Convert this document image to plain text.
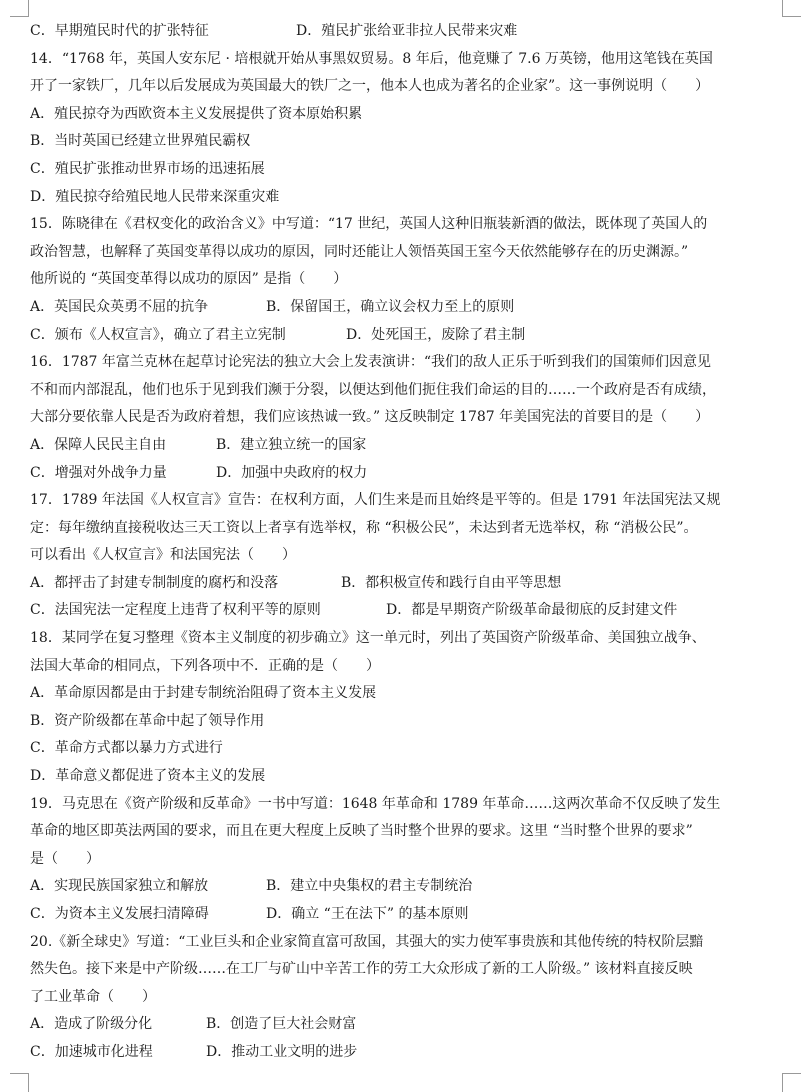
C．早期殖民时代的扩张特征	D．殖民扩张给亚非拉人民带来灾难
14．“1768 年，英国人安东尼 · 培根就开始从事黑奴贸易。8 年后，他竟赚了 7.6 万英镑，他用这笔钱在英国
开了一家铁厂，几年以后发展成为英国最大的铁厂之一，他本人也成为著名的企业家”。这一事例说明（　　）
A．殖民掠夺为西欧资本主义发展提供了资本原始积累
B．当时英国已经建立世界殖民霸权
C．殖民扩张推动世界市场的迅速拓展
D．殖民掠夺给殖民地人民带来深重灾难
15．陈晓律在《君权变化的政治含义》中写道：“17 世纪，英国人这种旧瓶装新酒的做法，既体现了英国人的
政治智慧，也解释了英国变革得以成功的原因，同时还能让人领悟英国王室今天依然能够存在的历史渊源。”
他所说的 “英国变革得以成功的原因” 是指（　　）
A．英国民众英勇不屈的抗争	B．保留国王，确立议会权力至上的原则
C．颁布《人权宣言》，确立了君主立宪制	D．处死国王，废除了君主制
16．1787 年富兰克林在起草讨论宪法的独立大会上发表演讲：“我们的敌人正乐于听到我们的国策师们因意见
不和而内部混乱，他们也乐于见到我们濒于分裂，以便达到他们扼住我们命运的目的……一个政府是否有成绩，
大部分要依靠人民是否为政府着想，我们应该热诚一致。” 这反映制定 1787 年美国宪法的首要目的是（　　）
A．保障人民民主自由	B．建立独立统一的国家
C．增强对外战争力量	D．加强中央政府的权力
17．1789 年法国《人权宣言》宣告：在权利方面，人们生来是而且始终是平等的。但是 1791 年法国宪法又规
定：每年缴纳直接税收达三天工资以上者享有选举权，称 “积极公民”，未达到者无选举权，称 “消极公民”。
可以看出《人权宣言》和法国宪法（　　）
A．都抨击了封建专制制度的腐朽和没落	B．都积极宣传和践行自由平等思想
C．法国宪法一定程度上违背了权利平等的原则	D．都是早期资产阶级革命最彻底的反封建文件
18．某同学在复习整理《资本主义制度的初步确立》这一单元时，列出了英国资产阶级革命、美国独立战争、
法国大革命的相同点，下列各项中不．正确的是（　　）
A．革命原因都是由于封建专制统治阻碍了资本主义发展
B．资产阶级都在革命中起了领导作用
C．革命方式都以暴力方式进行
D．革命意义都促进了资本主义的发展
19．马克思在《资产阶级和反革命》一书中写道：1648 年革命和 1789 年革命……这两次革命不仅反映了发生
革命的地区即英法两国的要求，而且在更大程度上反映了当时整个世界的要求。这里 “当时整个世界的要求”
是（　　）
A．实现民族国家独立和解放	B．建立中央集权的君主专制统治
C．为资本主义发展扫清障碍	D．确立 “王在法下” 的基本原则
20.《新全球史》写道：“工业巨头和企业家简直富可敌国，其强大的实力使军事贵族和其他传统的特权阶层黯
然失色。接下来是中产阶级……在工厂与矿山中辛苦工作的劳工大众形成了新的工人阶级。” 该材料直接反映
了工业革命（　　）
A．造成了阶级分化	B．创造了巨大社会财富
C．加速城市化进程	D．推动工业文明的进步
